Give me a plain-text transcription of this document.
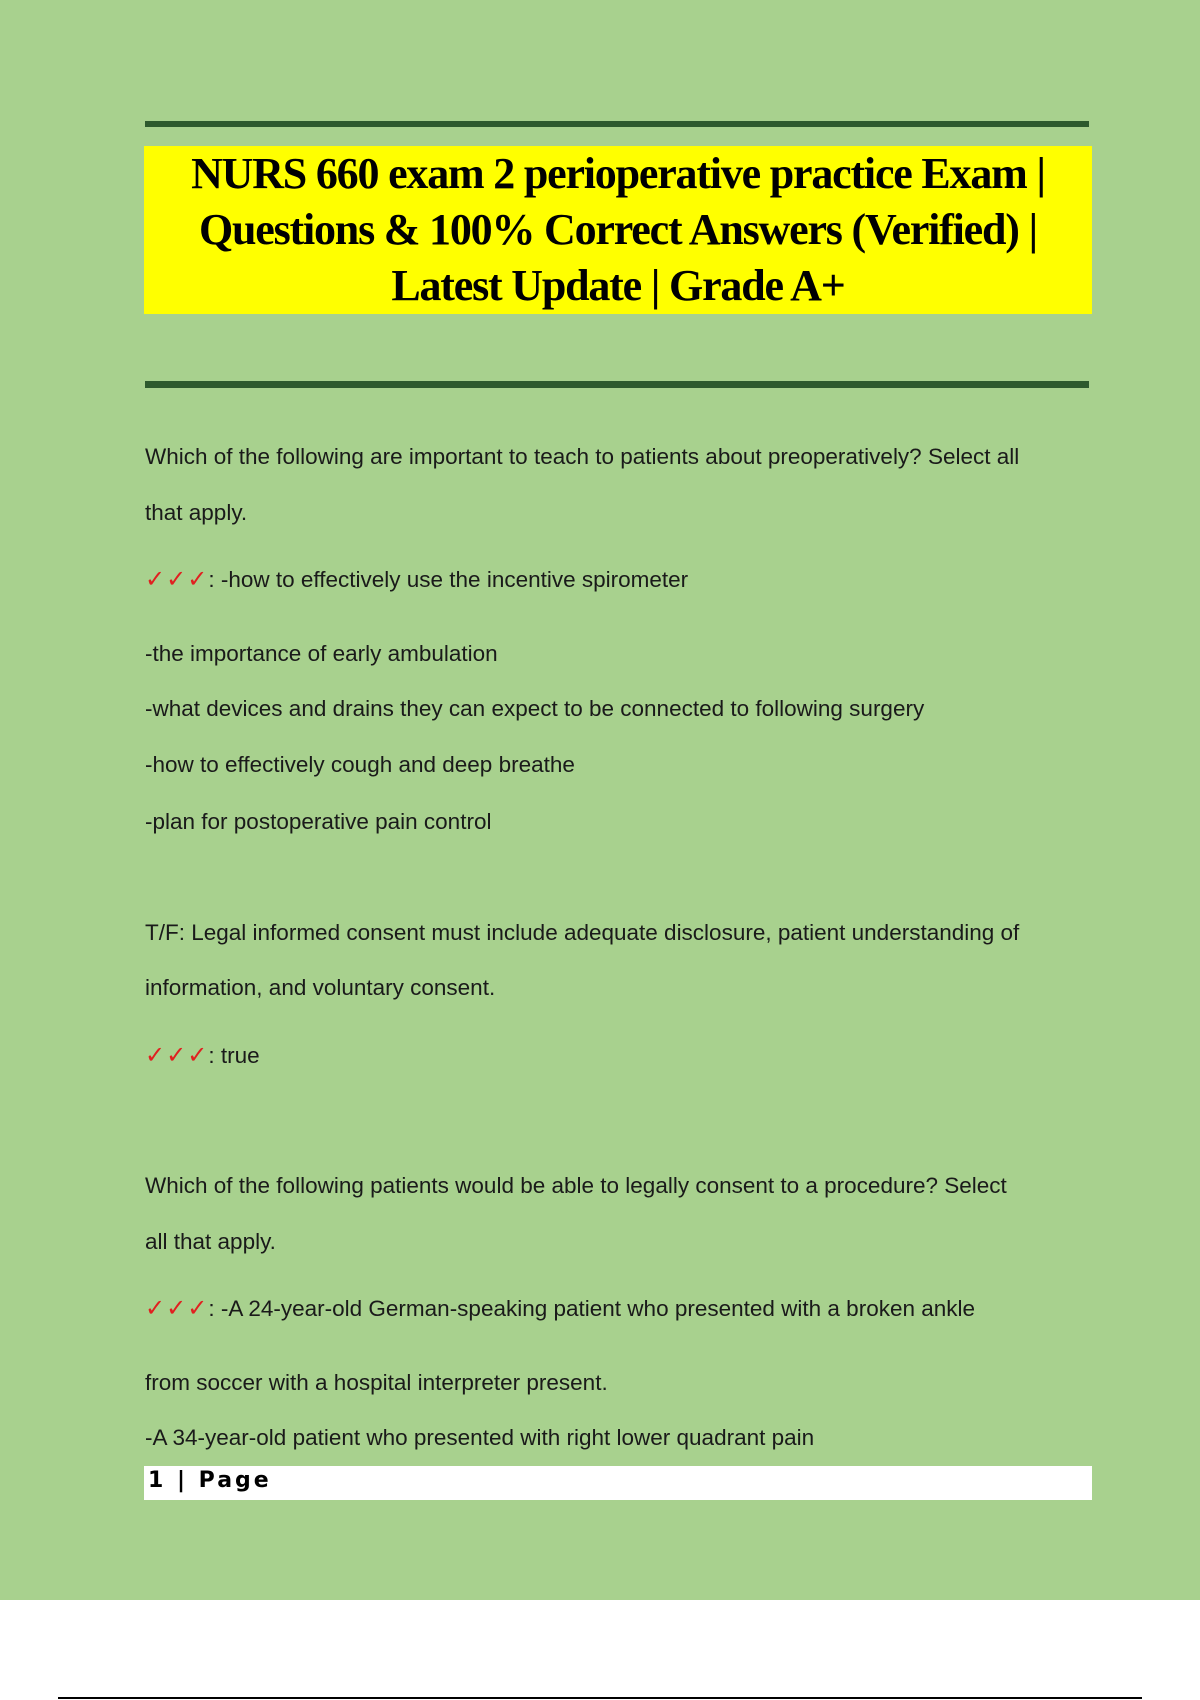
NURS 660 exam 2 perioperative practice Exam | Questions & 100% Correct Answers (Verified) | Latest Update | Grade A+
Which of the following are important to teach to patients about preoperatively? Select all
that apply.
✓✓✓: -how to effectively use the incentive spirometer
-the importance of early ambulation
-what devices and drains they can expect to be connected to following surgery
-how to effectively cough and deep breathe
-plan for postoperative pain control
T/F: Legal informed consent must include adequate disclosure, patient understanding of
information, and voluntary consent.
✓✓✓: true
Which of the following patients would be able to legally consent to a procedure? Select
all that apply.
✓✓✓: -A 24-year-old German-speaking patient who presented with a broken ankle
from soccer with a hospital interpreter present.
-A 34-year-old patient who presented with right lower quadrant pain
1 | Page
